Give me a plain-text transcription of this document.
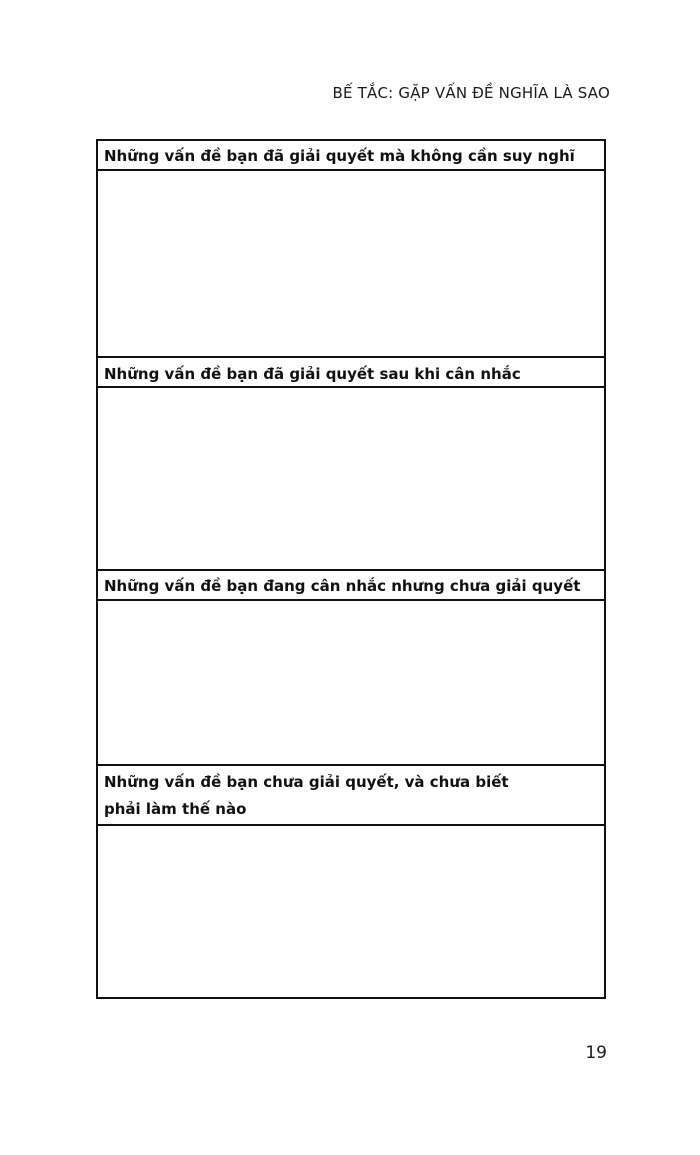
BẾ TẮC: GẶP VẤN ĐỀ NGHĨA LÀ SAO
Những vấn đề bạn đã giải quyết mà không cần suy nghĩ
Những vấn đề bạn đã giải quyết sau khi cân nhắc
Những vấn đề bạn đang cân nhắc nhưng chưa giải quyết
Những vấn đề bạn chưa giải quyết, và chưa biết phải làm thế nào
19
